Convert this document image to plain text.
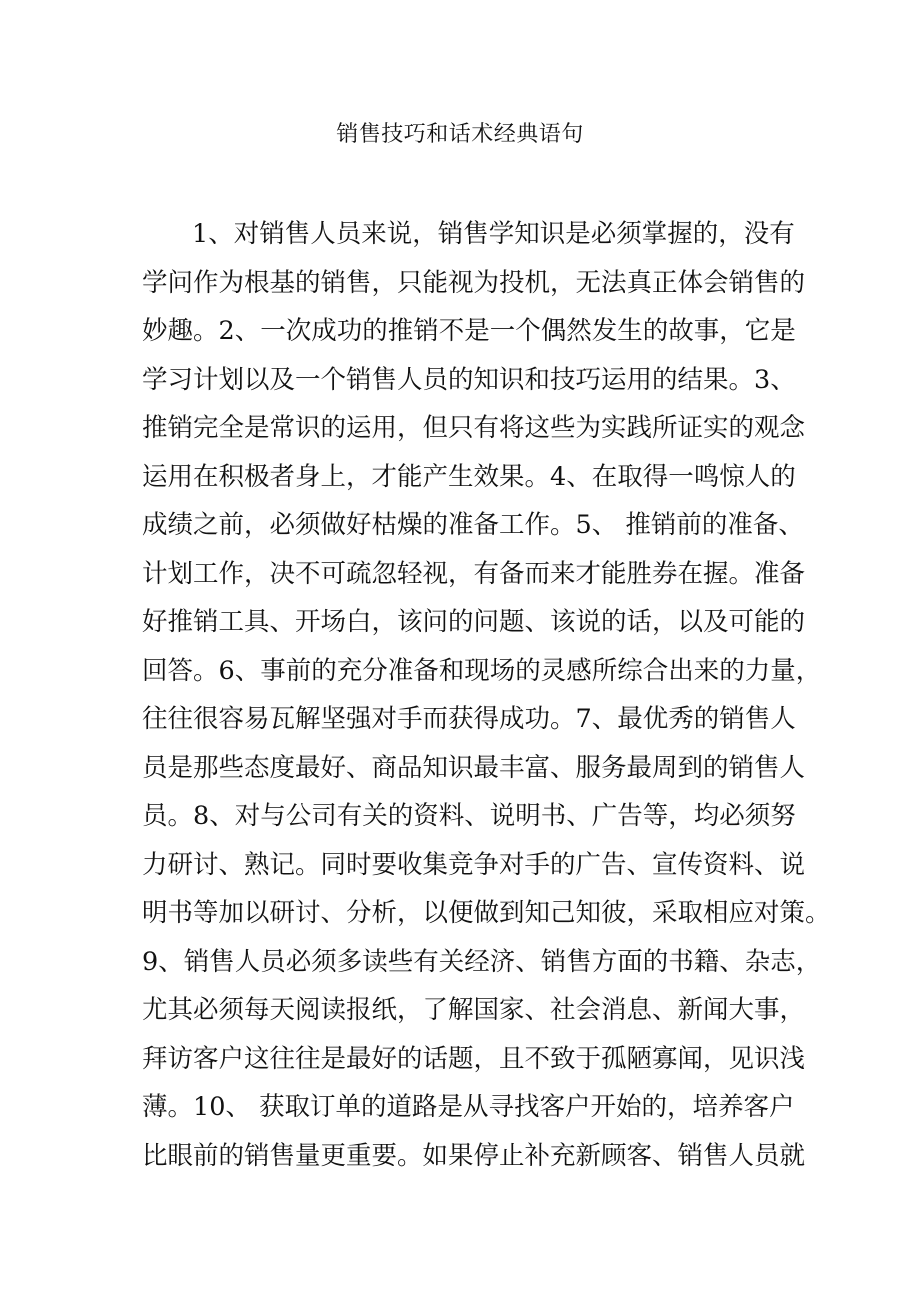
销售技巧和话术经典语句
1、对销售人员来说，销售学知识是必须掌握的，没有
学问作为根基的销售，只能视为投机，无法真正体会销售的
妙趣。2、一次成功的推销不是一个偶然发生的故事，它是
学习计划以及一个销售人员的知识和技巧运用的结果。3、
推销完全是常识的运用，但只有将这些为实践所证实的观念
运用在积极者身上，才能产生效果。4、在取得一鸣惊人的
成绩之前，必须做好枯燥的准备工作。5、 推销前的准备、
计划工作，决不可疏忽轻视，有备而来才能胜券在握。准备
好推销工具、开场白，该问的问题、该说的话，以及可能的
回答。6、事前的充分准备和现场的灵感所综合出来的力量，
往往很容易瓦解坚强对手而获得成功。7、最优秀的销售人
员是那些态度最好、商品知识最丰富、服务最周到的销售人
员。8、对与公司有关的资料、说明书、广告等，均必须努
力研讨、熟记。同时要收集竞争对手的广告、宣传资料、说
明书等加以研讨、分析，以便做到知己知彼，采取相应对策。
9、销售人员必须多读些有关经济、销售方面的书籍、杂志，
尤其必须每天阅读报纸，了解国家、社会消息、新闻大事，
拜访客户这往往是最好的话题，且不致于孤陋寡闻，见识浅
薄。10、 获取订单的道路是从寻找客户开始的，培养客户
比眼前的销售量更重要。如果停止补充新顾客、销售人员就
